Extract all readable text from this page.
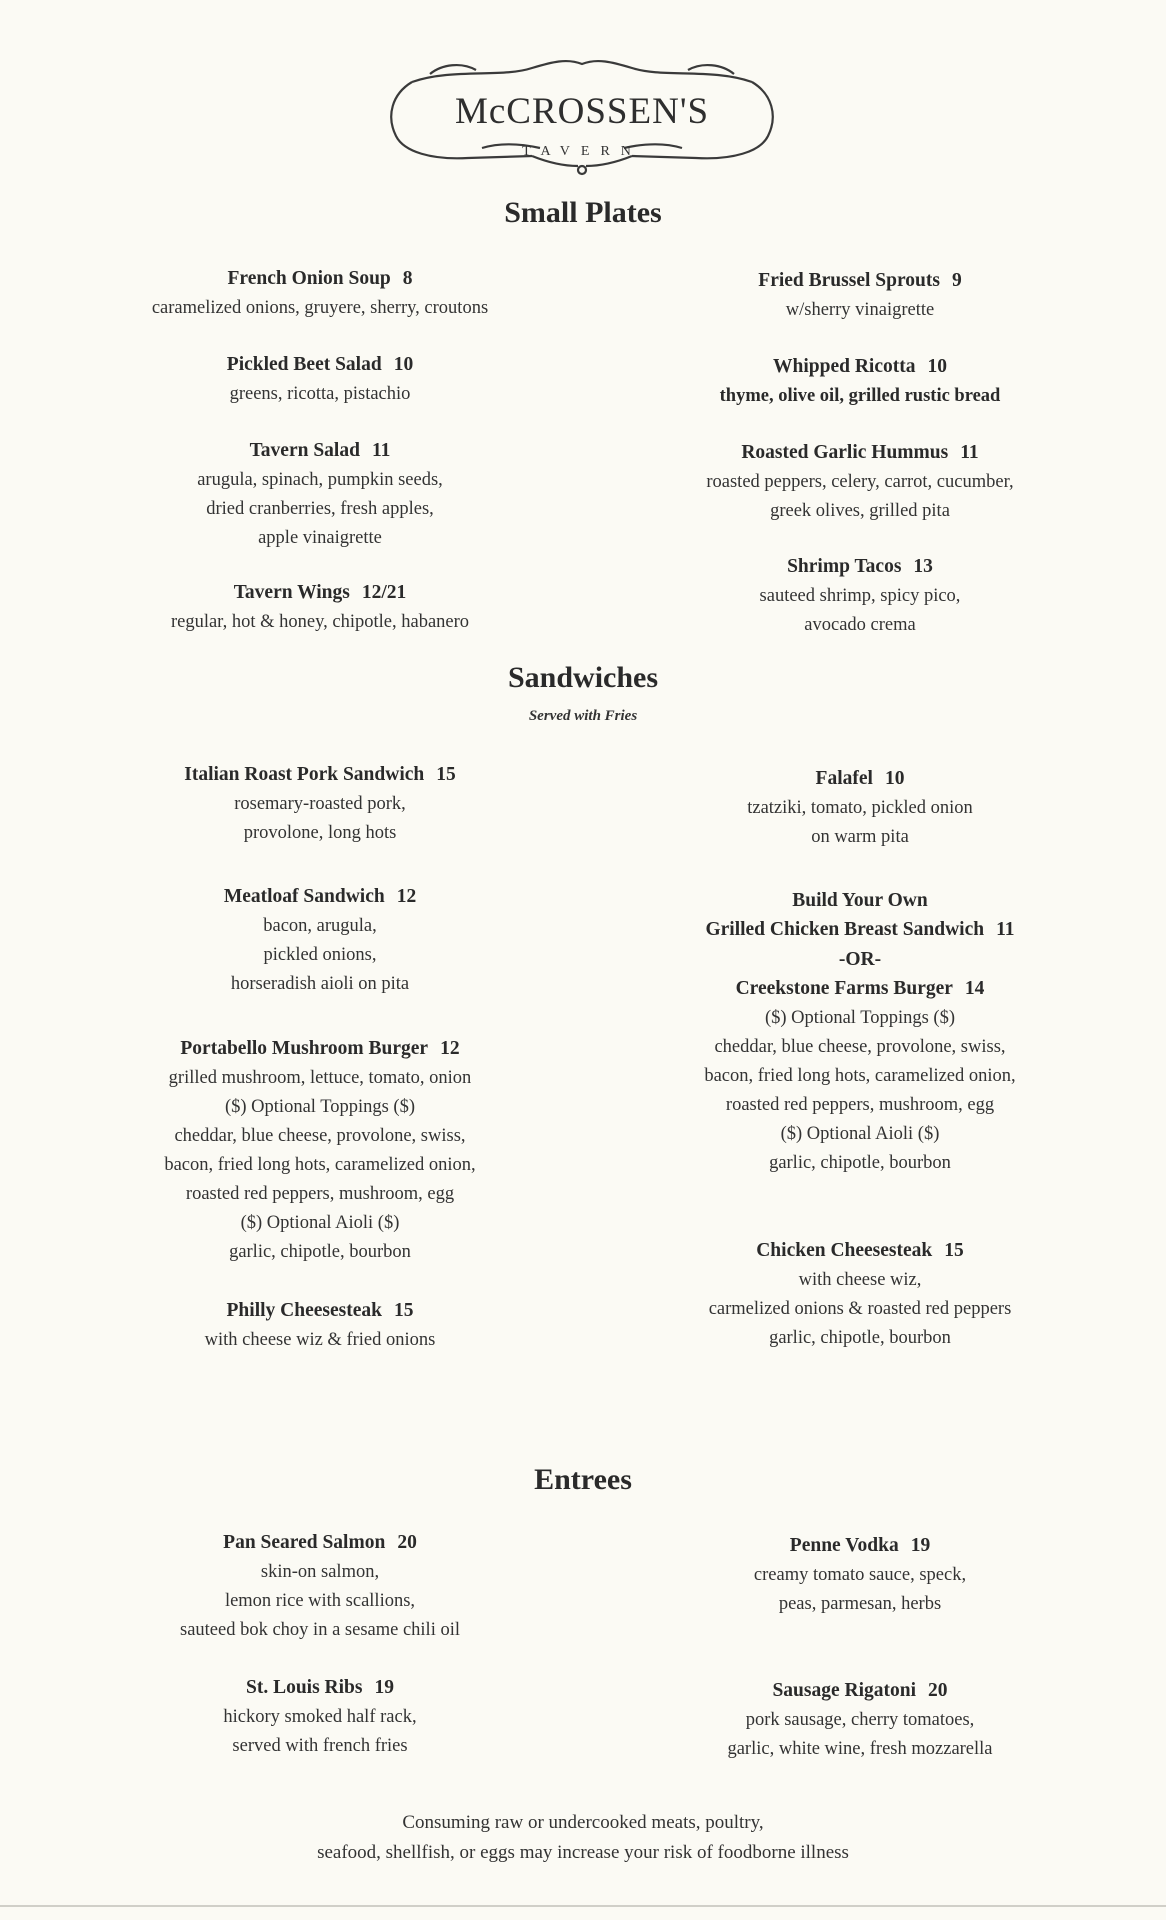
McCROSSEN'S
TAVERN
Small Plates
French Onion Soup 8
caramelized onions, gruyere, sherry, croutons
Pickled Beet Salad 10
greens, ricotta, pistachio
Tavern Salad 11
arugula, spinach, pumpkin seeds,
dried cranberries, fresh apples,
apple vinaigrette
Tavern Wings 12/21
regular, hot & honey, chipotle, habanero
Fried Brussel Sprouts 9
w/sherry vinaigrette
Whipped Ricotta 10
thyme, olive oil, grilled rustic bread
Roasted Garlic Hummus 11
roasted peppers, celery, carrot, cucumber,
greek olives, grilled pita
Shrimp Tacos 13
sauteed shrimp, spicy pico,
avocado crema
Sandwiches
Served with Fries
Italian Roast Pork Sandwich 15
rosemary-roasted pork,
provolone, long hots
Meatloaf Sandwich 12
bacon, arugula,
pickled onions,
horseradish aioli on pita
Portabello Mushroom Burger 12
grilled mushroom, lettuce, tomato, onion
($) Optional Toppings ($)
cheddar, blue cheese, provolone, swiss,
bacon, fried long hots, caramelized onion,
roasted red peppers, mushroom, egg
($) Optional Aioli ($)
garlic, chipotle, bourbon
Philly Cheesesteak 15
with cheese wiz & fried onions
Falafel 10
tzatziki, tomato, pickled onion
on warm pita
Build Your Own
Grilled Chicken Breast Sandwich 11
-OR-
Creekstone Farms Burger 14
($) Optional Toppings ($)
cheddar, blue cheese, provolone, swiss,
bacon, fried long hots, caramelized onion,
roasted red peppers, mushroom, egg
($) Optional Aioli ($)
garlic, chipotle, bourbon
Chicken Cheesesteak 15
with cheese wiz,
carmelized onions & roasted red peppers
garlic, chipotle, bourbon
Entrees
Pan Seared Salmon 20
skin-on salmon,
lemon rice with scallions,
sauteed bok choy in a sesame chili oil
St. Louis Ribs 19
hickory smoked half rack,
served with french fries
Penne Vodka 19
creamy tomato sauce, speck,
peas, parmesan, herbs
Sausage Rigatoni 20
pork sausage, cherry tomatoes,
garlic, white wine, fresh mozzarella
Consuming raw or undercooked meats, poultry,
seafood, shellfish, or eggs may increase your risk of foodborne illness
